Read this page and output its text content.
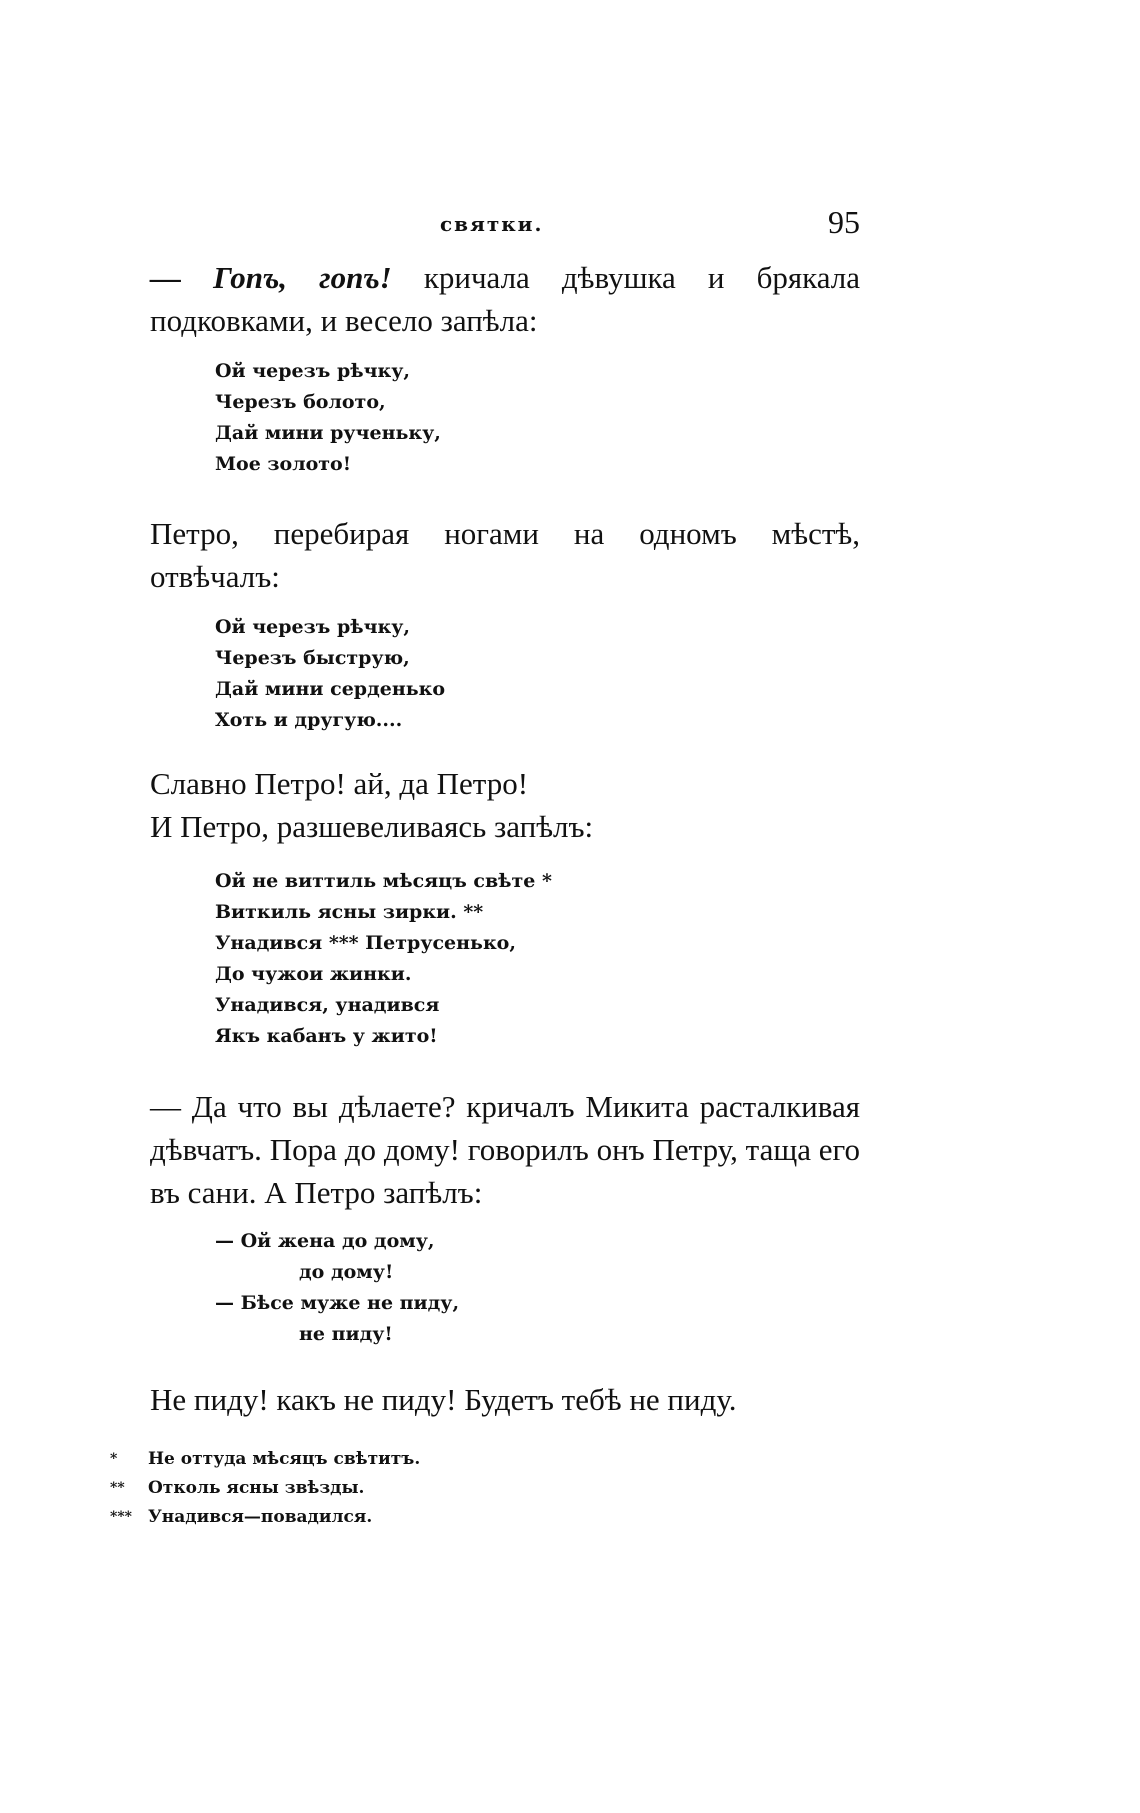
святки.	95

— Гопъ, гопъ! кричала дѣвушка и брякала подковками, и весело запѣла:

Ой черезъ рѣчку,
Черезъ болото,
Дай мини рученьку,
Мое золото!

Петро, перебирая ногами на одномъ мѣстѣ, отвѣчалъ:

Ой черезъ рѣчку,
Черезъ быструю,
Дай мини серденько
Хоть и другую....
Славно Петро! ай, да Петро!
И Петро, разшевеливаясь запѣлъ:
Ой не виттиль мѣсяцъ свѣте *
Виткиль ясны зирки. **
Унадився *** Петрусенько,
До чужои жинки.
Унадився, унадився
Якъ кабанъ у жито!

— Да что вы дѣлаете? кричалъ Микита расталкивая дѣвчатъ. Пора до дому! говорилъ онъ Петру, таща его въ сани. А Петро запѣлъ:

— Ой жена до дому,
до дому!
— Бѣсе муже не пиду,
не пиду!

Не пиду! какъ не пиду! Будетъ тебѣ не пиду.

* Не оттуда мѣсяцъ свѣтитъ.
** Отколь ясны звѣзды.
*** Унадився—повадился.
